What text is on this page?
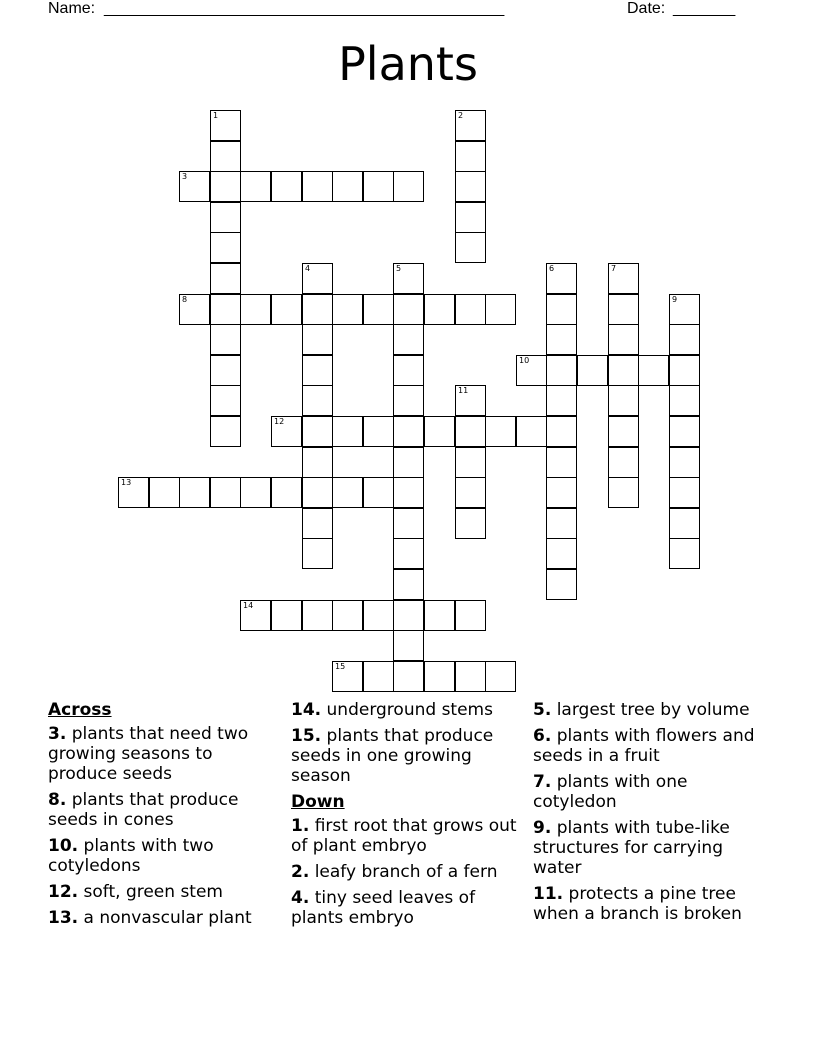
Name: ______________________________________________	Date: _______
Plants
3
8
10
12
13
14
15
1	2
4	5	6	7
9
11
Across
3. plants that need two growing seasons to produce seeds
8. plants that produce seeds in cones
10. plants with two cotyledons
12. soft, green stem
13. a nonvascular plant
14. underground stems
15. plants that produce seeds in one growing season
Down
1. first root that grows out of plant embryo
2. leafy branch of a fern
4. tiny seed leaves of plants embryo
5. largest tree by volume
6. plants with flowers and seeds in a fruit
7. plants with one cotyledon
9. plants with tube-like structures for carrying water
11. protects a pine tree when a branch is broken
